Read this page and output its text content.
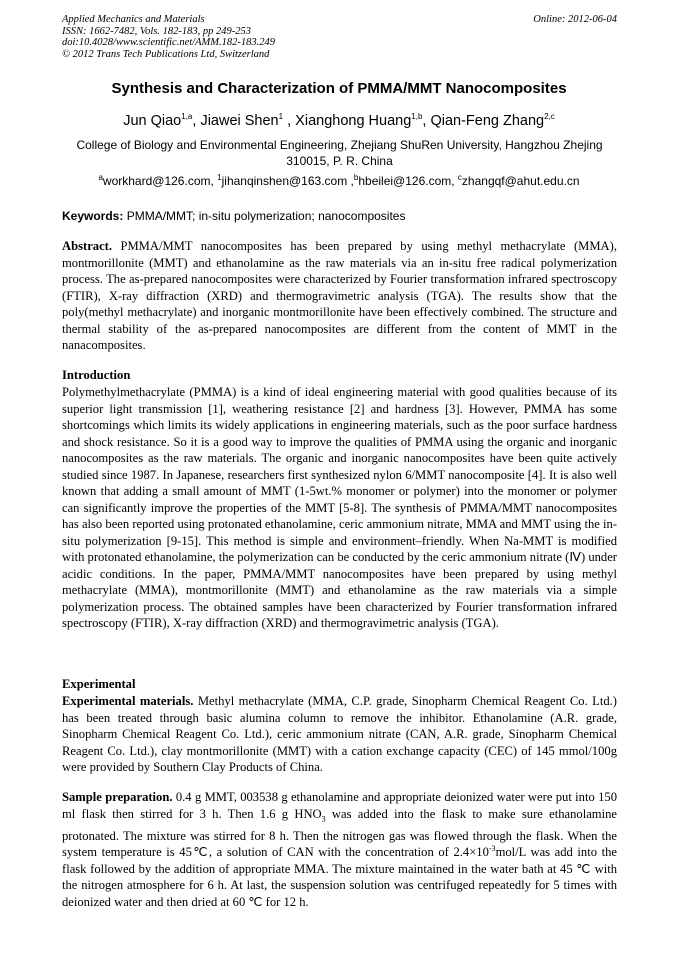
Applied Mechanics and Materials
ISSN: 1662-7482, Vols. 182-183, pp 249-253
doi:10.4028/www.scientific.net/AMM.182-183.249
© 2012 Trans Tech Publications Ltd, Switzerland
Online: 2012-06-04
Synthesis and Characterization of PMMA/MMT Nanocomposites
Jun Qiao$^{1,a}$, Jiawei Shen$^1$ , Xianghong Huang$^{1,b}$, Qian-Feng Zhang$^{2,c}$
College of Biology and Environmental Engineering, Zhejiang ShuRen University, Hangzhou Zhejing
310015, P. R. China
$^a$workhard@126.com, $^1$jihanqinshen@163.com ,$^b$hbeilei@126.com, $^c$zhangqf@ahut.edu.cn
Keywords: PMMA/MMT; in-situ polymerization; nanocomposites
Abstract. PMMA/MMT nanocomposites has been prepared by using methyl methacrylate (MMA), montmorillonite (MMT) and ethanolamine as the raw materials via an in-situ free radical polymerization process. The as-prepared nanocomposites were characterized by Fourier transformation infrared spectroscopy (FTIR), X-ray diffraction (XRD) and thermogravimetric analysis (TGA). The results show that the poly(methyl methacrylate) and inorganic montmorillonite have been effectively combined. The structure and thermal stability of the as-prepared nanocomposites are different from the content of MMT in the nanacomposites.
Introduction
Polymethylmethacrylate (PMMA) is a kind of ideal engineering material with good qualities because of its superior light transmission [1], weathering resistance [2] and hardness [3]. However, PMMA has some shortcomings which limits its widely applications in engineering materials, such as the poor surface hardness and shock resistance. So it is a good way to improve the qualities of PMMA using the organic and inorganic nanocomposites as the raw materials. The organic and inorganic nanocomposites have been quite actively studied since 1987. In Japanese, researchers first synthesized nylon 6/MMT nanocomposite [4]. It is also well known that adding a small amount of MMT (1-5wt.% monomer or polymer) into the monomer or polymer can significantly improve the properties of the MMT [5-8]. The synthesis of PMMA/MMT nanocomposites has also been reported using protonated ethanolamine, ceric ammonium nitrate, MMA and MMT using the in-situ polymerization [9-15]. This method is simple and environment–friendly. When Na-MMT is modified with protonated ethanolamine, the polymerization can be conducted by the ceric ammonium nitrate (Ⅳ) under acidic conditions. In the paper, PMMA/MMT nanocomposites have been prepared by using methyl methacrylate (MMA), montmorillonite (MMT) and ethanolamine as the raw materials via a simple polymerization process. The obtained samples have been characterized by Fourier transformation infrared spectroscopy (FTIR), X-ray diffraction (XRD) and thermogravimetric analysis (TGA).
Experimental
Experimental materials. Methyl methacrylate (MMA, C.P. grade, Sinopharm Chemical Reagent Co. Ltd.) has been treated through basic alumina column to remove the inhibitor. Ethanolamine (A.R. grade, Sinopharm Chemical Reagent Co. Ltd.), ceric ammonium nitrate (CAN, A.R. grade, Sinopharm Chemical Reagent Co. Ltd.), clay montmorillonite (MMT) with a cation exchange capacity (CEC) of 145 mmol/100g were provided by Southern Clay Products of China.
Sample preparation. 0.4 g MMT, 003538 g ethanolamine and appropriate deionized water were put into 150 ml flask then stirred for 3 h. Then 1.6 g $HNO_3$ was added into the flask to make sure ethanolamine protonated. The mixture was stirred for 8 h. Then the nitrogen gas was flowed through the flask. When the system temperature is 45℃, a solution of CAN with the concentration of $2.4\times 10^{-3}mol/L$ was add into the flask followed by the addition of appropriate MMA. The mixture maintained in the water bath at 45 ℃ with the nitrogen atmosphere for 6 h. At last, the suspension solution was centrifuged repeatedly for 5 times with deionized water and then dried at 60 ℃ for 12 h.
